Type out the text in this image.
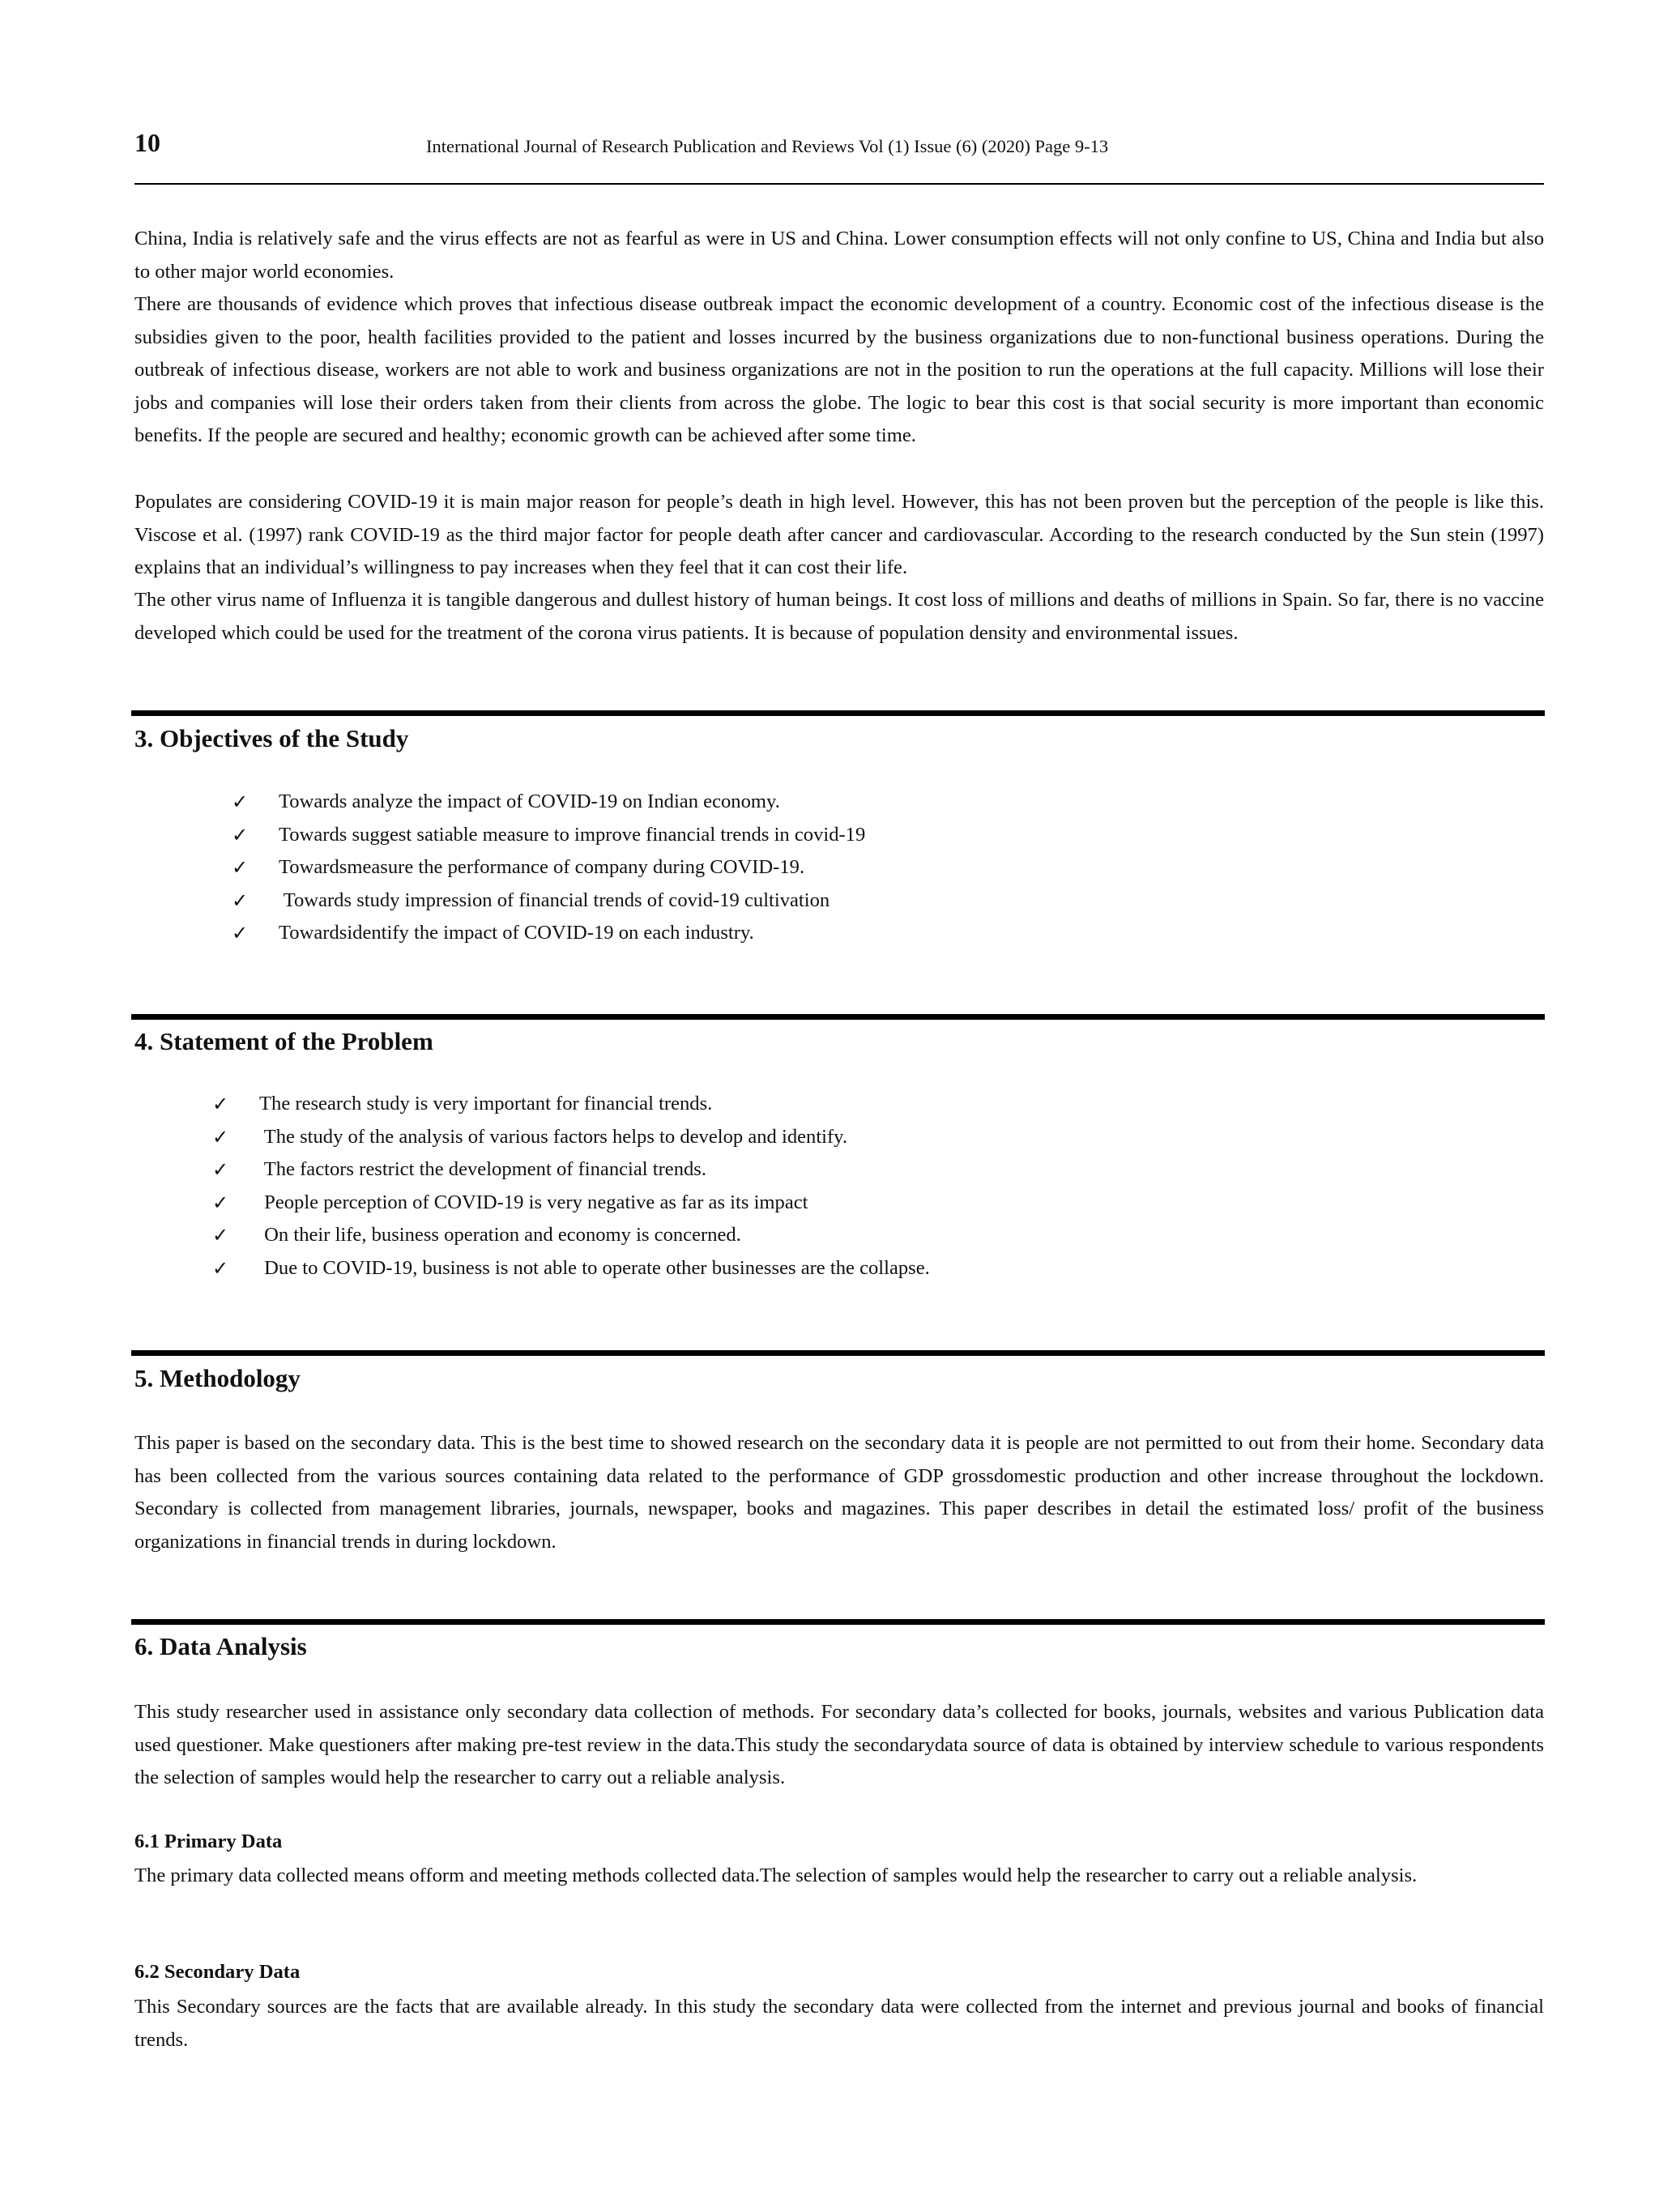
10	International Journal of Research Publication and Reviews Vol (1) Issue (6) (2020) Page 9-13

China, India is relatively safe and the virus effects are not as fearful as were in US and China. Lower consumption effects will not only confine to US, China and India but also to other major world economies.

There are thousands of evidence which proves that infectious disease outbreak impact the economic development of a country. Economic cost of the infectious disease is the subsidies given to the poor, health facilities provided to the patient and losses incurred by the business organizations due to non-functional business operations. During the outbreak of infectious disease, workers are not able to work and business organizations are not in the position to run the operations at the full capacity. Millions will lose their jobs and companies will lose their orders taken from their clients from across the globe. The logic to bear this cost is that social security is more important than economic benefits. If the people are secured and healthy; economic growth can be achieved after some time.

Populates are considering COVID-19 it is main major reason for people’s death in high level. However, this has not been proven but the perception of the people is like this. Viscose et al. (1997) rank COVID-19 as the third major factor for people death after cancer and cardiovascular. According to the research conducted by the Sun stein (1997) explains that an individual’s willingness to pay increases when they feel that it can cost their life.

The other virus name of Influenza it is tangible dangerous and dullest history of human beings. It cost loss of millions and deaths of millions in Spain. So far, there is no vaccine developed which could be used for the treatment of the corona virus patients. It is because of population density and environmental issues.

3. Objectives of the Study
✓ Towards analyze the impact of COVID-19 on Indian economy.
✓ Towards suggest satiable measure to improve financial trends in covid-19
✓ Towardsmeasure the performance of company during COVID-19.
✓ Towards study impression of financial trends of covid-19 cultivation
✓ Towardsidentify the impact of COVID-19 on each industry.
4. Statement of the Problem
✓ The research study is very important for financial trends.
✓ The study of the analysis of various factors helps to develop and identify.
✓ The factors restrict the development of financial trends.
✓ People perception of COVID-19 is very negative as far as its impact
✓ On their life, business operation and economy is concerned.
✓ Due to COVID-19, business is not able to operate other businesses are the collapse.
5. Methodology

This paper is based on the secondary data. This is the best time to showed research on the secondary data it is people are not permitted to out from their home. Secondary data has been collected from the various sources containing data related to the performance of GDP grossdomestic production and other increase throughout the lockdown. Secondary is collected from management libraries, journals, newspaper, books and magazines. This paper describes in detail the estimated loss/ profit of the business organizations in financial trends in during lockdown.

6. Data Analysis

This study researcher used in assistance only secondary data collection of methods. For secondary data’s collected for books, journals, websites and various Publication data used questioner. Make questioners after making pre-test review in the data.This study the secondarydata source of data is obtained by interview schedule to various respondents the selection of samples would help the researcher to carry out a reliable analysis.

6.1 Primary Data

The primary data collected means ofform and meeting methods collected data.The selection of samples would help the researcher to carry out a reliable analysis.

6.2 Secondary Data

This Secondary sources are the facts that are available already. In this study the secondary data were collected from the internet and previous journal and books of financial trends.
